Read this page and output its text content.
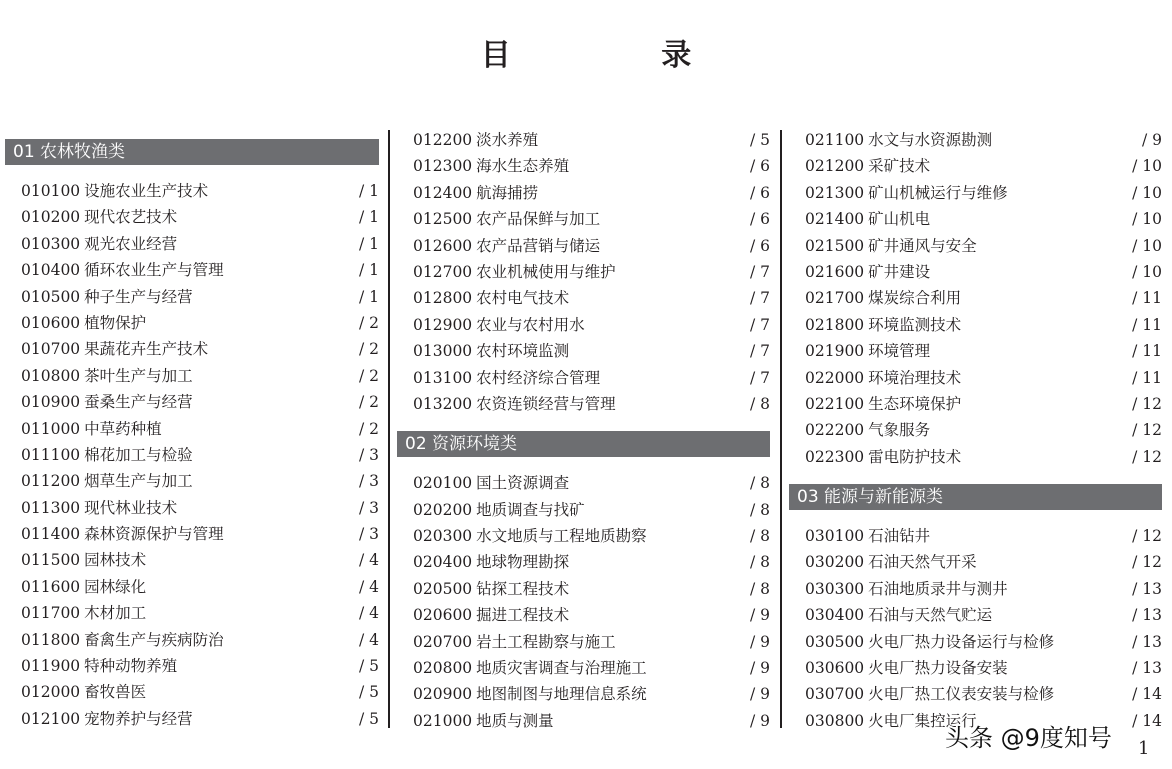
目 录
01 农林牧渔类
010100 设施农业生产技术	/ 1
010200 现代农艺技术	/ 1
010300 观光农业经营	/ 1
010400 循环农业生产与管理	/ 1
010500 种子生产与经营	/ 1
010600 植物保护	/ 2
010700 果蔬花卉生产技术	/ 2
010800 茶叶生产与加工	/ 2
010900 蚕桑生产与经营	/ 2
011000 中草药种植	/ 2
011100 棉花加工与检验	/ 3
011200 烟草生产与加工	/ 3
011300 现代林业技术	/ 3
011400 森林资源保护与管理	/ 3
011500 园林技术	/ 4
011600 园林绿化	/ 4
011700 木材加工	/ 4
011800 畜禽生产与疾病防治	/ 4
011900 特种动物养殖	/ 5
012000 畜牧兽医	/ 5
012100 宠物养护与经营	/ 5
012200 淡水养殖	/ 5
012300 海水生态养殖	/ 6
012400 航海捕捞	/ 6
012500 农产品保鲜与加工	/ 6
012600 农产品营销与储运	/ 6
012700 农业机械使用与维护	/ 7
012800 农村电气技术	/ 7
012900 农业与农村用水	/ 7
013000 农村环境监测	/ 7
013100 农村经济综合管理	/ 7
013200 农资连锁经营与管理	/ 8
02 资源环境类
020100 国土资源调查	/ 8
020200 地质调查与找矿	/ 8
020300 水文地质与工程地质勘察	/ 8
020400 地球物理勘探	/ 8
020500 钻探工程技术	/ 8
020600 掘进工程技术	/ 9
020700 岩土工程勘察与施工	/ 9
020800 地质灾害调查与治理施工	/ 9
020900 地图制图与地理信息系统	/ 9
021000 地质与测量	/ 9
021100 水文与水资源勘测	/ 9
021200 采矿技术	/ 10
021300 矿山机械运行与维修	/ 10
021400 矿山机电	/ 10
021500 矿井通风与安全	/ 10
021600 矿井建设	/ 10
021700 煤炭综合利用	/ 11
021800 环境监测技术	/ 11
021900 环境管理	/ 11
022000 环境治理技术	/ 11
022100 生态环境保护	/ 12
022200 气象服务	/ 12
022300 雷电防护技术	/ 12
03 能源与新能源类
030100 石油钻井	/ 12
030200 石油天然气开采	/ 12
030300 石油地质录井与测井	/ 13
030400 石油与天然气贮运	/ 13
030500 火电厂热力设备运行与检修	/ 13
030600 火电厂热力设备安装	/ 13
030700 火电厂热工仪表安装与检修	/ 14
030800 火电厂集控运行	/ 14
1
头条 @9度知号
